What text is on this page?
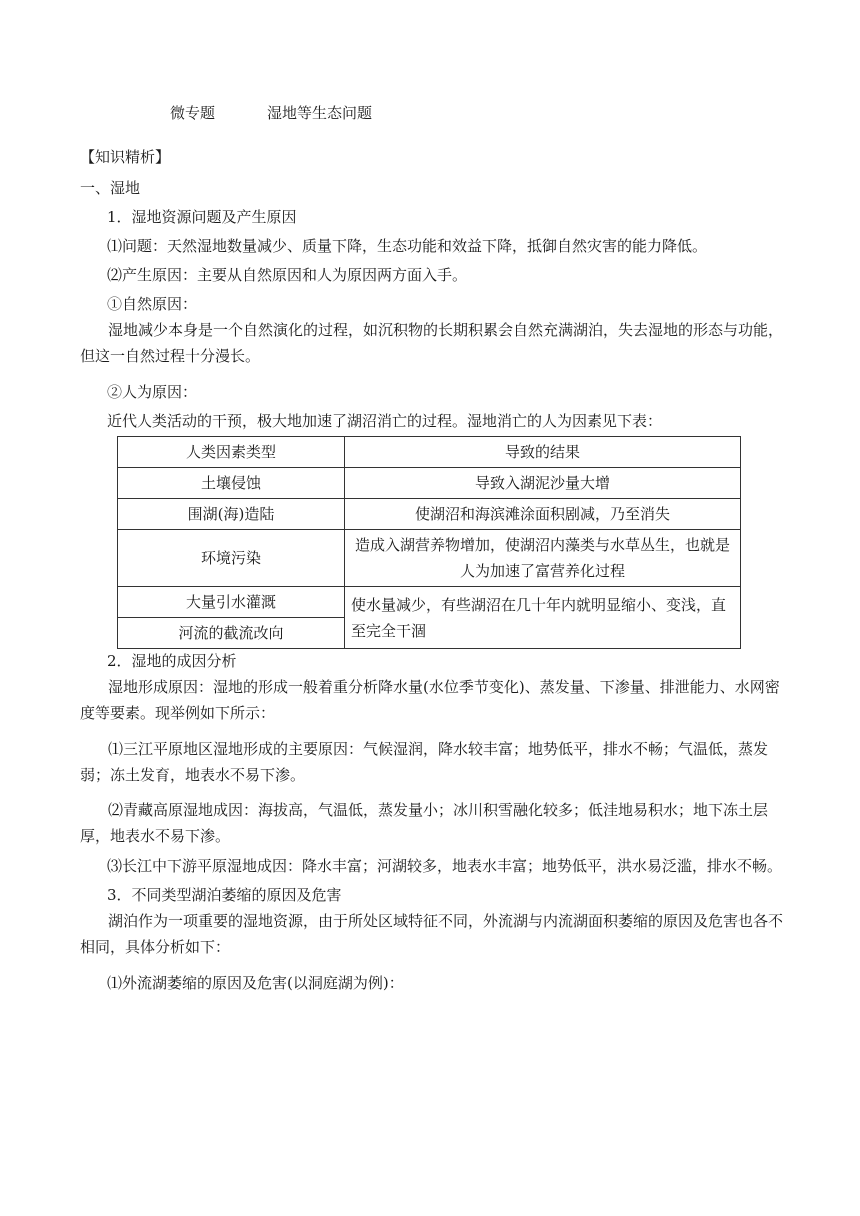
微专题	湿地等生态问题
【知识精析】
一、湿地
1．湿地资源问题及产生原因
⑴问题：天然湿地数量减少、质量下降，生态功能和效益下降，抵御自然灾害的能力降低。
⑵产生原因：主要从自然原因和人为原因两方面入手。
①自然原因：
湿地减少本身是一个自然演化的过程，如沉积物的长期积累会自然充满湖泊，失去湿地的形态与功能，但这一自然过程十分漫长。
②人为原因：
近代人类活动的干预，极大地加速了湖沼消亡的过程。湿地消亡的人为因素见下表：
人类因素类型	导致的结果
土壤侵蚀	导致入湖泥沙量大增
围湖(海)造陆	使湖沼和海滨滩涂面积剧减，乃至消失
环境污染	造成入湖营养物增加，使湖沼内藻类与水草丛生，也就是人为加速了富营养化过程
大量引水灌溉	使水量减少，有些湖沼在几十年内就明显缩小、变浅，直至完全干涸
河流的截流改向	
2．湿地的成因分析
湿地形成原因：湿地的形成一般着重分析降水量(水位季节变化)、蒸发量、下渗量、排泄能力、水网密度等要素。现举例如下所示：
⑴三江平原地区湿地形成的主要原因：气候湿润，降水较丰富；地势低平，排水不畅；气温低，蒸发弱；冻土发育，地表水不易下渗。
⑵青藏高原湿地成因：海拔高，气温低，蒸发量小；冰川积雪融化较多；低洼地易积水；地下冻土层厚，地表水不易下渗。
⑶长江中下游平原湿地成因：降水丰富；河湖较多，地表水丰富；地势低平，洪水易泛滥，排水不畅。
3．不同类型湖泊萎缩的原因及危害
湖泊作为一项重要的湿地资源，由于所处区域特征不同，外流湖与内流湖面积萎缩的原因及危害也各不相同，具体分析如下：
⑴外流湖萎缩的原因及危害(以洞庭湖为例)：
